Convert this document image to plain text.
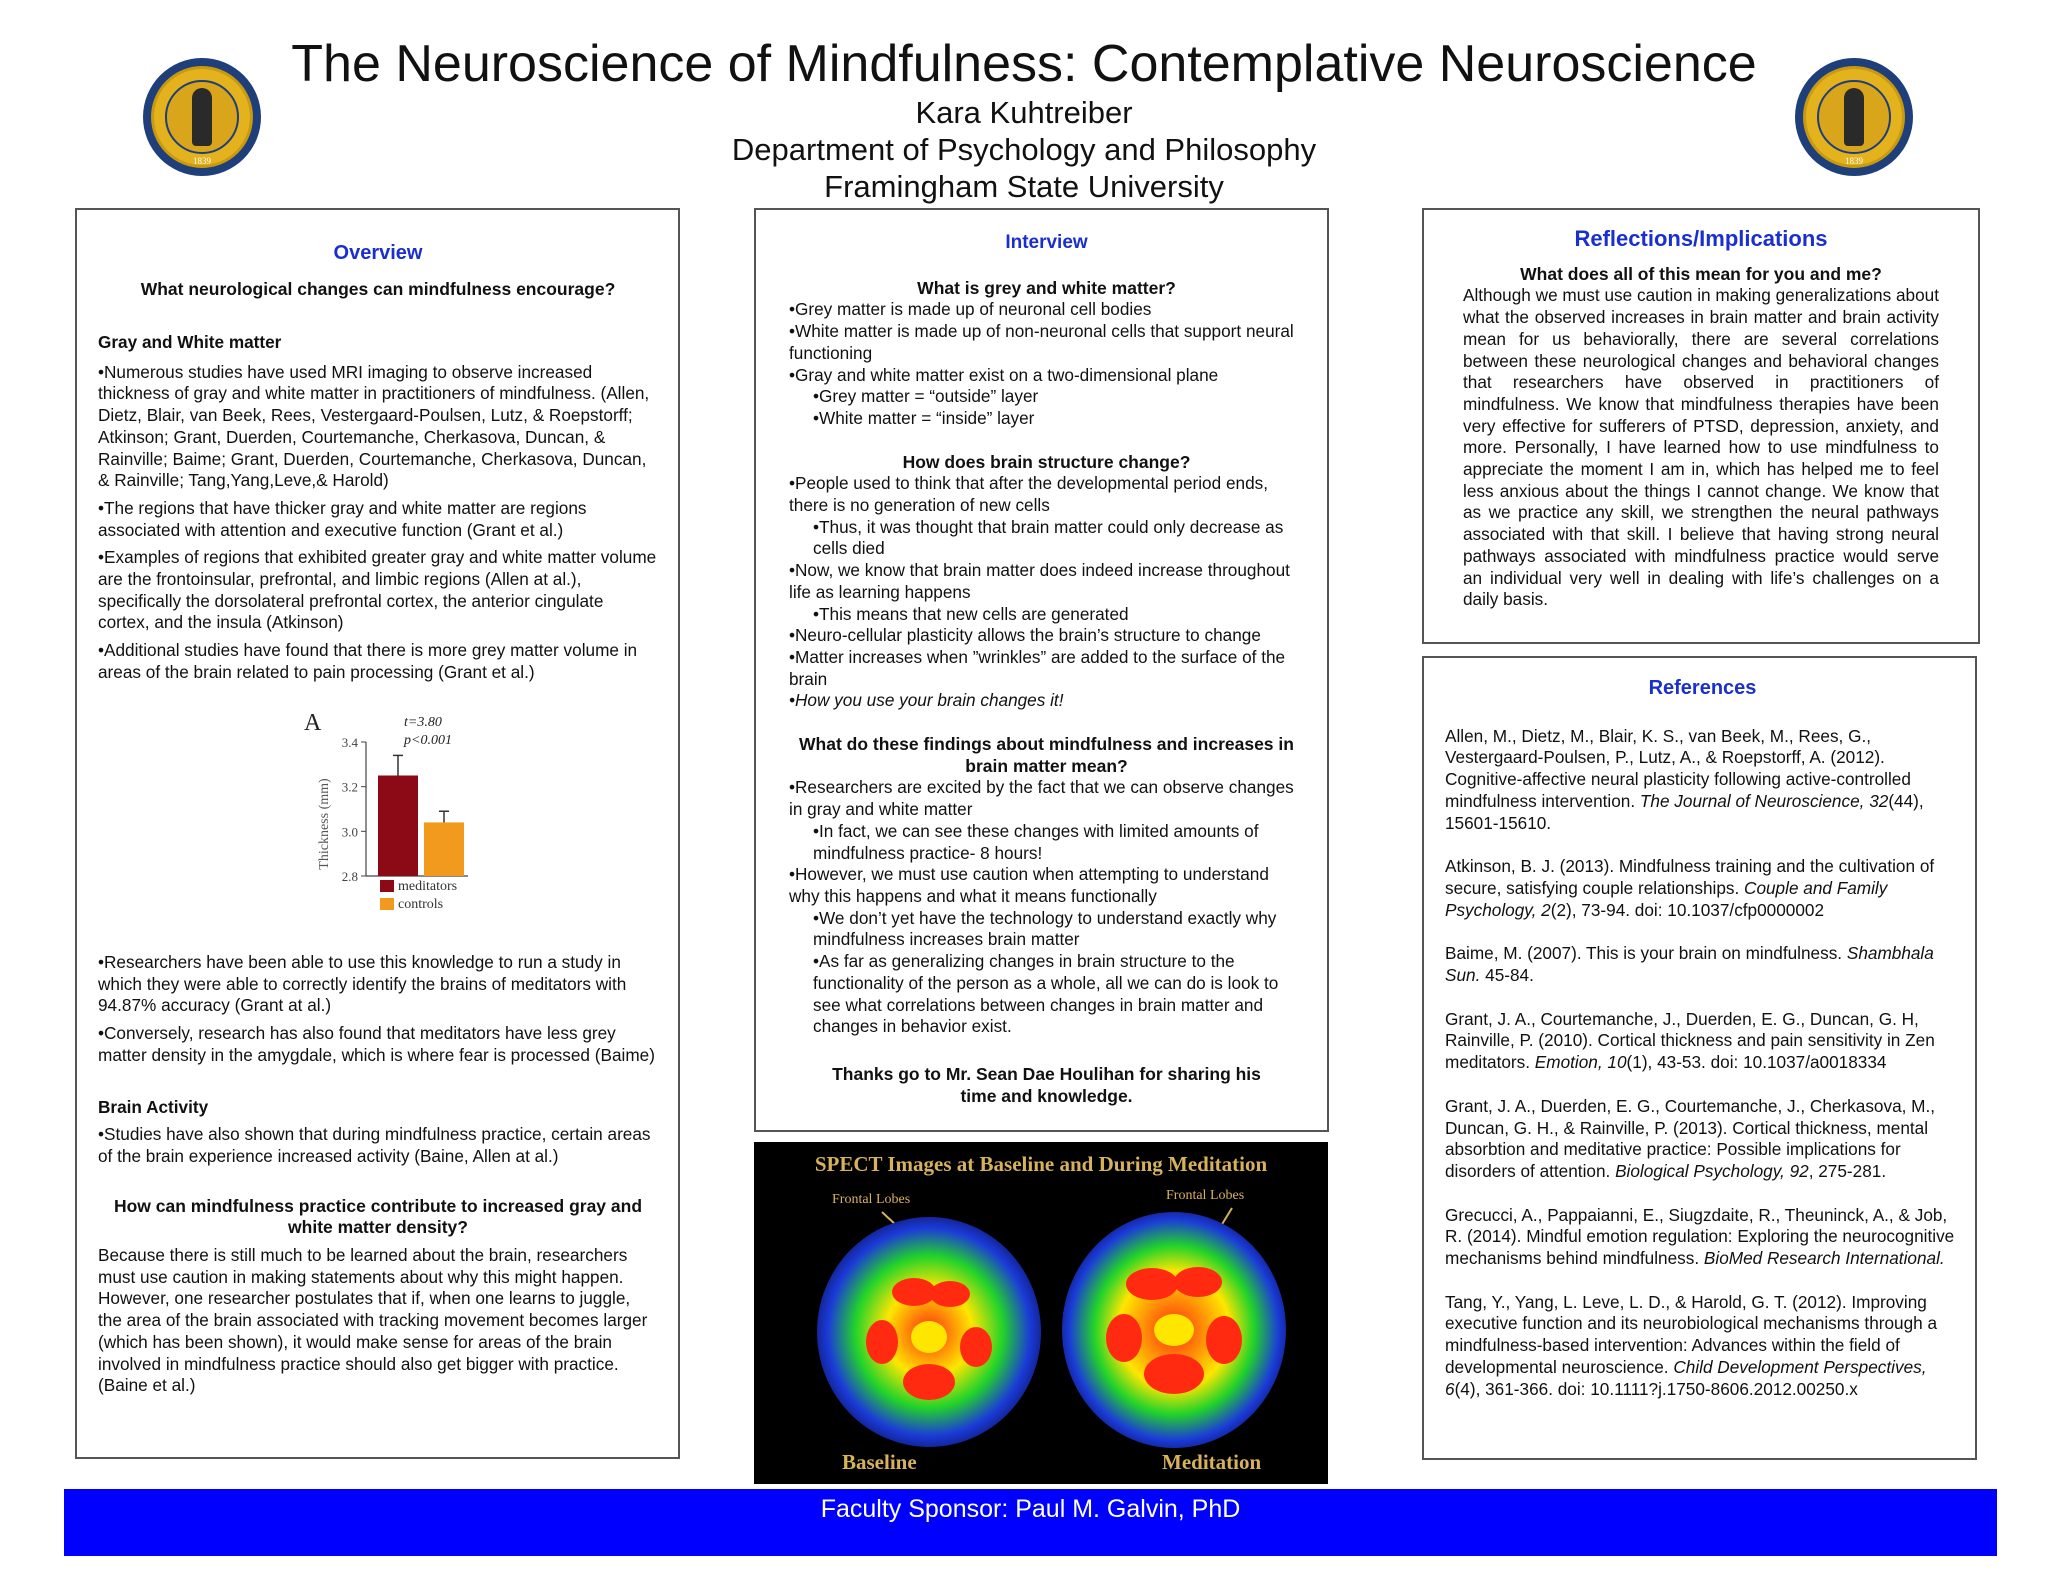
The Neuroscience of Mindfulness: Contemplative Neuroscience
Kara Kuhtreiber
Department of Psychology and Philosophy
Framingham State University
1839	1839
Overview
What neurological changes can mindfulness encourage?
Gray and White matter

•Numerous studies have used MRI imaging to observe increased thickness of gray and white matter in practitioners of mindfulness. (Allen, Dietz, Blair, van Beek, Rees, Vestergaard-Poulsen, Lutz, & Roepstorff; Atkinson; Grant, Duerden, Courtemanche, Cherkasova, Duncan, & Rainville; Baime; Grant, Duerden, Courtemanche, Cherkasova, Duncan, & Rainville; Tang,Yang,Leve,& Harold)

•The regions that have thicker gray and white matter are regions associated with attention and executive function (Grant et al.)

•Examples of regions that exhibited greater gray and white matter volume are the frontoinsular, prefrontal, and limbic regions (Allen at al.), specifically the dorsolateral prefrontal cortex, the anterior cingulate cortex, and the insula (Atkinson)

•Additional studies have found that there is more grey matter volume in areas of the brain related to pain processing (Grant et al.)

A
Thickness (mm)
3.4
3.2
3.0
2.8
t=3.80
p<0.001
meditators
controls

•Researchers have been able to use this knowledge to run a study in which they were able to correctly identify the brains of meditators with 94.87% accuracy (Grant at al.)

•Conversely, research has also found that meditators have less grey matter density in the amygdale, which is where fear is processed (Baime)

Brain Activity

•Studies have also shown that during mindfulness practice, certain areas of the brain experience increased activity (Baine, Allen at al.)

How can mindfulness practice contribute to increased gray and white matter density?

Because there is still much to be learned about the brain, researchers must use caution in making statements about why this might happen. However, one researcher postulates that if, when one learns to juggle, the area of the brain associated with tracking movement becomes larger (which has been shown), it would make sense for areas of the brain involved in mindfulness practice should also get bigger with practice. (Baine et al.)

Interview
What is grey and white matter?

•Grey matter is made up of neuronal cell bodies

•White matter is made up of non-neuronal cells that support neural functioning

•Gray and white matter exist on a two-dimensional plane

•Grey matter = “outside” layer

•White matter = “inside” layer

How does brain structure change?

•People used to think that after the developmental period ends, there is no generation of new cells

•Thus, it was thought that brain matter could only decrease as cells died

•Now, we know that brain matter does indeed increase throughout life as learning happens

•This means that new cells are generated

•Neuro-cellular plasticity allows the brain’s structure to change

•Matter increases when ”wrinkles” are added to the surface of the brain

•How you use your brain changes it!

What do these findings about mindfulness and increases in brain matter mean?

•Researchers are excited by the fact that we can observe changes in gray and white matter

•In fact, we can see these changes with limited amounts of mindfulness practice- 8 hours!

•However, we must use caution when attempting to understand why this happens and what it means functionally

•We don’t yet have the technology to understand exactly why mindfulness increases brain matter

•As far as generalizing changes in brain structure to the functionality of the person as a whole, all we can do is look to see what correlations between changes in brain matter and changes in behavior exist.

Thanks go to Mr. Sean Dae Houlihan for sharing his time and knowledge.
SPECT Images at Baseline and During Meditation
Frontal Lobes	Frontal Lobes
Baseline	Meditation
Reflections/Implications
What does all of this mean for you and me?

Although we must use caution in making generalizations about what the observed increases in brain matter and brain activity mean for us behaviorally, there are several correlations between these neurological changes and behavioral changes that researchers have observed in practitioners of mindfulness. We know that mindfulness therapies have been very effective for sufferers of PTSD, depression, anxiety, and more. Personally, I have learned how to use mindfulness to appreciate the moment I am in, which has helped me to feel less anxious about the things I cannot change. We know that as we practice any skill, we strengthen the neural pathways associated with that skill. I believe that having strong neural pathways associated with mindfulness practice would serve an individual very well in dealing with life’s challenges on a daily basis.

References

Allen, M., Dietz, M., Blair, K. S., van Beek, M., Rees, G., Vestergaard-Poulsen, P., Lutz, A., & Roepstorff, A. (2012). Cognitive-affective neural plasticity following active-controlled mindfulness intervention. The Journal of Neuroscience, 32(44), 15601-15610.

Atkinson, B. J. (2013). Mindfulness training and the cultivation of secure, satisfying couple relationships. Couple and Family Psychology, 2(2), 73-94. doi: 10.1037/cfp0000002

Baime, M. (2007). This is your brain on mindfulness. Shambhala Sun. 45-84.

Grant, J. A., Courtemanche, J., Duerden, E. G., Duncan, G. H, Rainville, P. (2010). Cortical thickness and pain sensitivity in Zen meditators. Emotion, 10(1), 43-53. doi: 10.1037/a0018334

Grant, J. A., Duerden, E. G., Courtemanche, J., Cherkasova, M., Duncan, G. H., & Rainville, P. (2013). Cortical thickness, mental absorbtion and meditative practice: Possible implications for disorders of attention. Biological Psychology, 92, 275-281.

Grecucci, A., Pappaianni, E., Siugzdaite, R., Theuninck, A., & Job, R. (2014). Mindful emotion regulation: Exploring the neurocognitive mechanisms behind mindfulness. BioMed Research International.

Tang, Y., Yang, L. Leve, L. D., & Harold, G. T. (2012). Improving executive function and its neurobiological mechanisms through a mindfulness-based intervention: Advances within the field of developmental neuroscience. Child Development Perspectives, 6(4), 361-366. doi: 10.1111?j.1750-8606.2012.00250.x

Faculty Sponsor: Paul M. Galvin, PhD
